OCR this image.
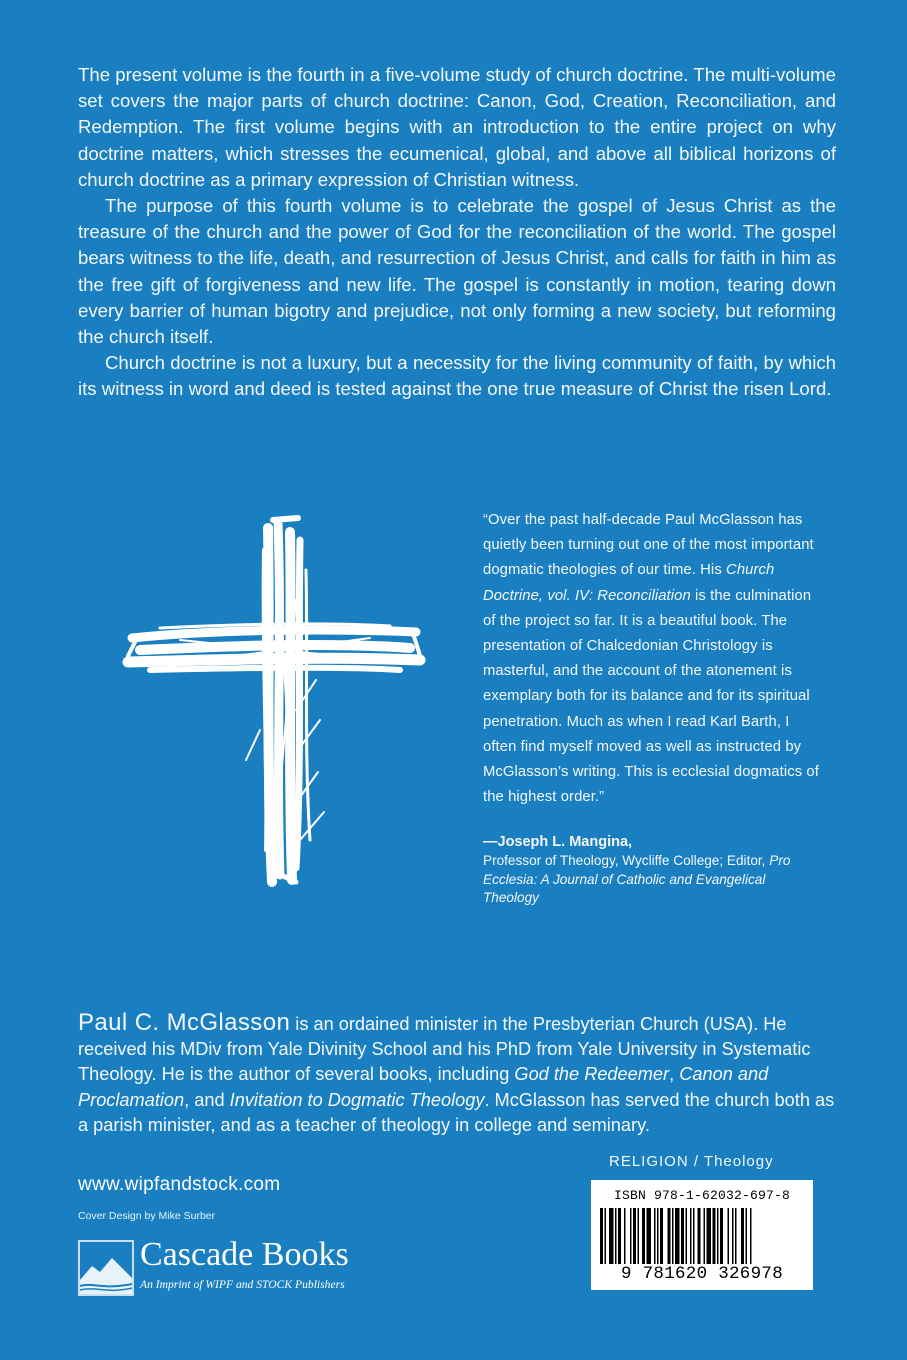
The present volume is the fourth in a five-volume study of church doctrine. The multi-volume set covers the major parts of church doctrine: Canon, God, Creation, Reconciliation, and Redemption. The first volume begins with an introduction to the entire project on why doctrine matters, which stresses the ecumenical, global, and above all biblical horizons of church doctrine as a primary expression of Christian witness.

The purpose of this fourth volume is to celebrate the gospel of Jesus Christ as the treasure of the church and the power of God for the reconciliation of the world. The gospel bears witness to the life, death, and resurrection of Jesus Christ, and calls for faith in him as the free gift of forgiveness and new life. The gospel is constantly in motion, tearing down every barrier of human bigotry and prejudice, not only forming a new society, but reforming the church itself.

Church doctrine is not a luxury, but a necessity for the living community of faith, by which its witness in word and deed is tested against the one true measure of Christ the risen Lord.

“Over the past half-decade Paul McGlasson has quietly been turning out one of the most important dogmatic theologies of our time. His Church Doctrine, vol. IV: Reconciliation is the culmination of the project so far. It is a beautiful book. The presentation of Chalcedonian Christology is masterful, and the account of the atonement is exemplary both for its balance and for its spiritual penetration. Much as when I read Karl Barth, I often find myself moved as well as instructed by McGlasson’s writing. This is ecclesial dogmatics of the highest order.”

—Joseph L. Mangina,
Professor of Theology, Wycliffe College; Editor, Pro Ecclesia: A Journal of Catholic and Evangelical Theology
Paul C. McGlasson is an ordained minister in the Presbyterian Church (USA). He received his MDiv from Yale Divinity School and his PhD from Yale University in Systematic Theology. He is the author of several books, including God the Redeemer, Canon and Proclamation, and Invitation to Dogmatic Theology. McGlasson has served the church both as a parish minister, and as a teacher of theology in college and seminary.
RELIGION / Theology
www.wipfandstock.com
Cover Design by Mike Surber
Cascade Books
An Imprint of WIPF and STOCK Publishers
ISBN 978-1-62032-697-8
9 781620 326978
